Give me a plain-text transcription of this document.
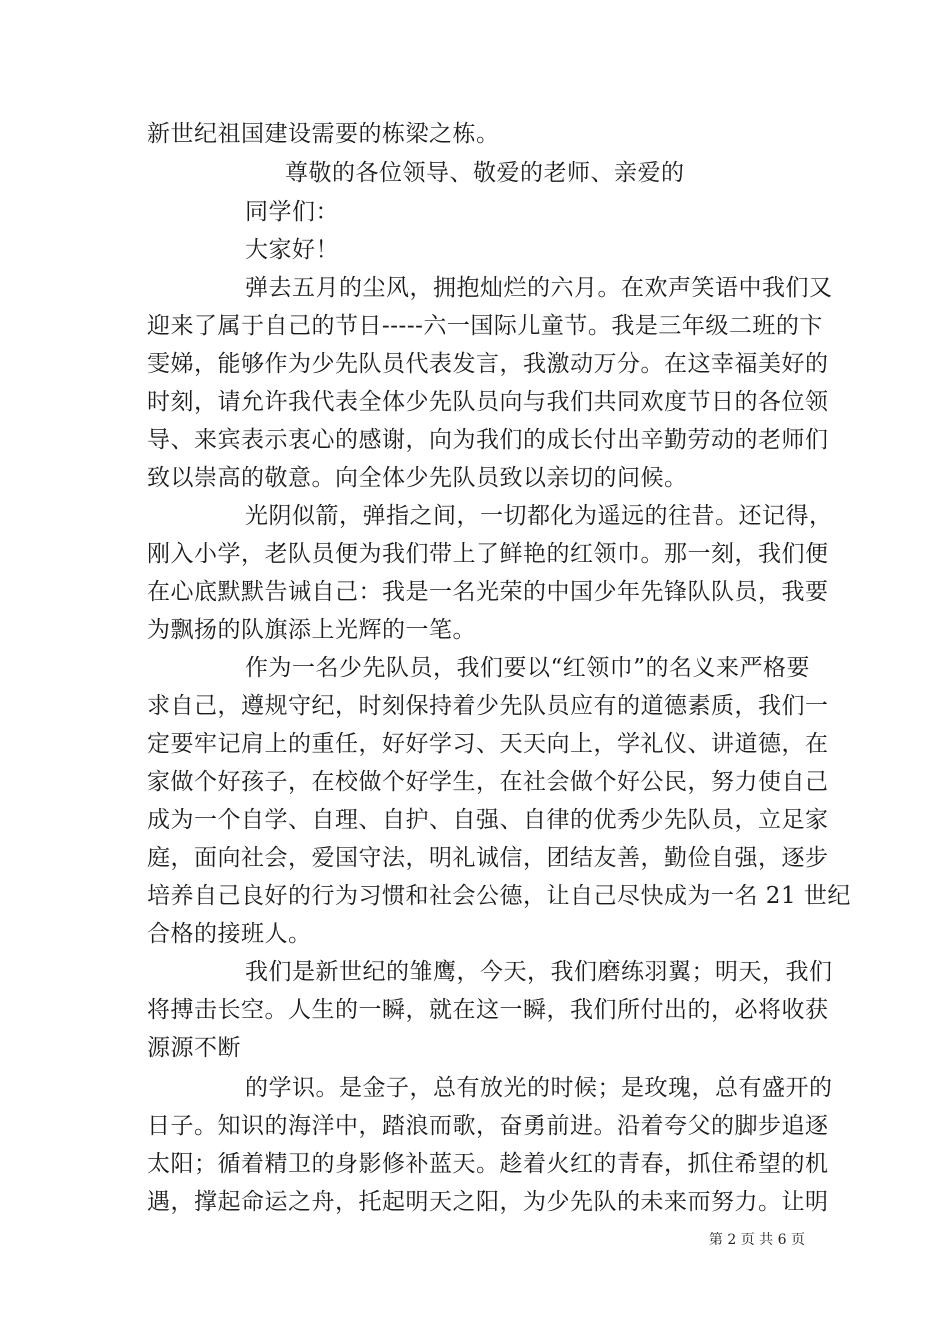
新世纪祖国建设需要的栋梁之栋。
尊敬的各位领导、敬爱的老师、亲爱的
同学们：
大家好！
弹去五月的尘风，拥抱灿烂的六月。在欢声笑语中我们又
迎来了属于自己的节日-----六一国际儿童节。我是三年级二班的卞
雯娣，能够作为少先队员代表发言，我激动万分。在这幸福美好的
时刻，请允许我代表全体少先队员向与我们共同欢度节日的各位领
导、来宾表示衷心的感谢，向为我们的成长付出辛勤劳动的老师们
致以崇高的敬意。向全体少先队员致以亲切的问候。
光阴似箭，弹指之间，一切都化为遥远的往昔。还记得，
刚入小学，老队员便为我们带上了鲜艳的红领巾。那一刻，我们便
在心底默默告诫自己：我是一名光荣的中国少年先锋队队员，我要
为飘扬的队旗添上光辉的一笔。
作为一名少先队员，我们要以“红领巾”的名义来严格要
求自己，遵规守纪，时刻保持着少先队员应有的道德素质，我们一
定要牢记肩上的重任，好好学习、天天向上，学礼仪、讲道德，在
家做个好孩子，在校做个好学生，在社会做个好公民，努力使自己
成为一个自学、自理、自护、自强、自律的优秀少先队员，立足家
庭，面向社会，爱国守法，明礼诚信，团结友善，勤俭自强，逐步
培养自己良好的行为习惯和社会公德，让自己尽快成为一名 21 世纪
合格的接班人。
我们是新世纪的雏鹰，今天，我们磨练羽翼；明天，我们
将搏击长空。人生的一瞬，就在这一瞬，我们所付出的，必将收获
源源不断
的学识。是金子，总有放光的时候；是玫瑰，总有盛开的
日子。知识的海洋中，踏浪而歌，奋勇前进。沿着夸父的脚步追逐
太阳；循着精卫的身影修补蓝天。趁着火红的青春，抓住希望的机
遇，撑起命运之舟，托起明天之阳，为少先队的未来而努力。让明
第 2 页 共 6 页
